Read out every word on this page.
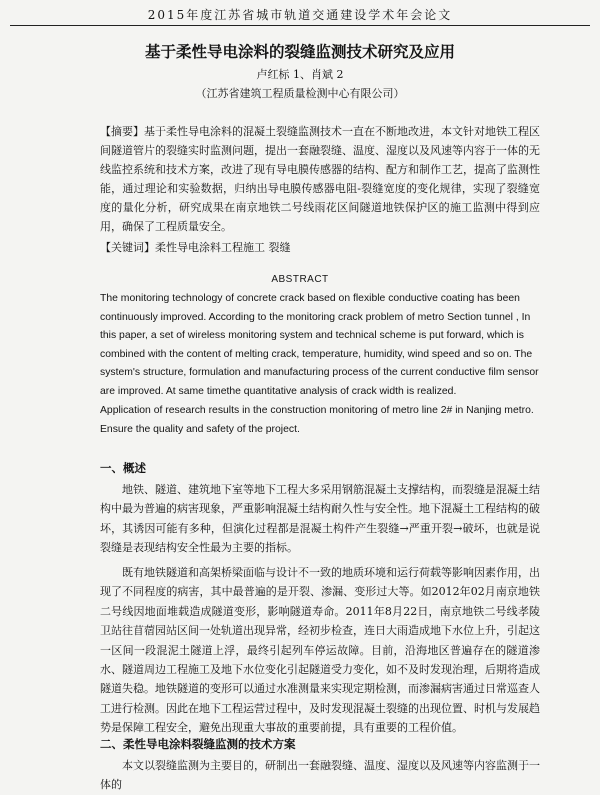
2015年度江苏省城市轨道交通建设学术年会论文
基于柔性导电涂料的裂缝监测技术研究及应用
卢红标 1、肖斌 2
（江苏省建筑工程质量检测中心有限公司）
【摘要】基于柔性导电涂料的混凝土裂缝监测技术一直在不断地改进，本文针对地铁工程区间隧道管片的裂缝实时监测问题，提出一套融裂缝、温度、湿度以及风速等内容于一体的无线监控系统和技术方案，改进了现有导电膜传感器的结构、配方和制作工艺，提高了监测性能，通过理论和实验数据，归纳出导电膜传感器电阻-裂缝宽度的变化规律，实现了裂缝宽度的量化分析，研究成果在南京地铁二号线雨花区间隧道地铁保护区的施工监测中得到应用，确保了工程质量安全。
【关键词】柔性导电涂料工程施工 裂缝
ABSTRACT
The monitoring technology of concrete crack based on flexible conductive coating has been continuously improved. According to the monitoring crack problem of metro Section tunnel , In this paper, a set of wireless monitoring system and technical scheme is put forward, which is combined with the content of melting crack, temperature, humidity, wind speed and so on. The system's structure, formulation and manufacturing process of the current conductive film sensor are improved. At same timethe quantitative analysis of crack width is realized.
Application of research results in the construction monitoring of metro line 2# in Nanjing metro. Ensure the quality and safety of the project.
一、概述
地铁、隧道、建筑地下室等地下工程大多采用钢筋混凝土支撑结构，而裂缝是混凝土结构中最为普遍的病害现象，严重影响混凝土结构耐久性与安全性。地下混凝土工程结构的破坏，其诱因可能有多种，但演化过程都是混凝土构件产生裂缝→严重开裂→破坏，也就是说裂缝是表现结构安全性最为主要的指标。
既有地铁隧道和高架桥梁面临与设计不一致的地质环境和运行荷载等影响因素作用，出现了不同程度的病害，其中最普遍的是开裂、渗漏、变形过大等。如2012年02月南京地铁二号线因地面堆载造成隧道变形，影响隧道寿命。2011年8月22日，南京地铁二号线孝陵卫站往苜蓿园站区间一处轨道出现异常，经初步检查，连日大雨造成地下水位上升，引起这一区间一段混泥土隧道上浮，最终引起列车停运故障。目前，沿海地区普遍存在的隧道渗水、隧道周边工程施工及地下水位变化引起隧道受力变化，如不及时发现治理，后期将造成隧道失稳。地铁隧道的变形可以通过水准测量来实现定期检测，而渗漏病害通过日常巡查人工进行检测。因此在地下工程运营过程中，及时发现混凝土裂缝的出现位置、时机与发展趋势是保障工程安全，避免出现重大事故的重要前提，具有重要的工程价值。
二、柔性导电涂料裂缝监测的技术方案
本文以裂缝监测为主要目的，研制出一套融裂缝、温度、湿度以及风速等内容监测于一体的
